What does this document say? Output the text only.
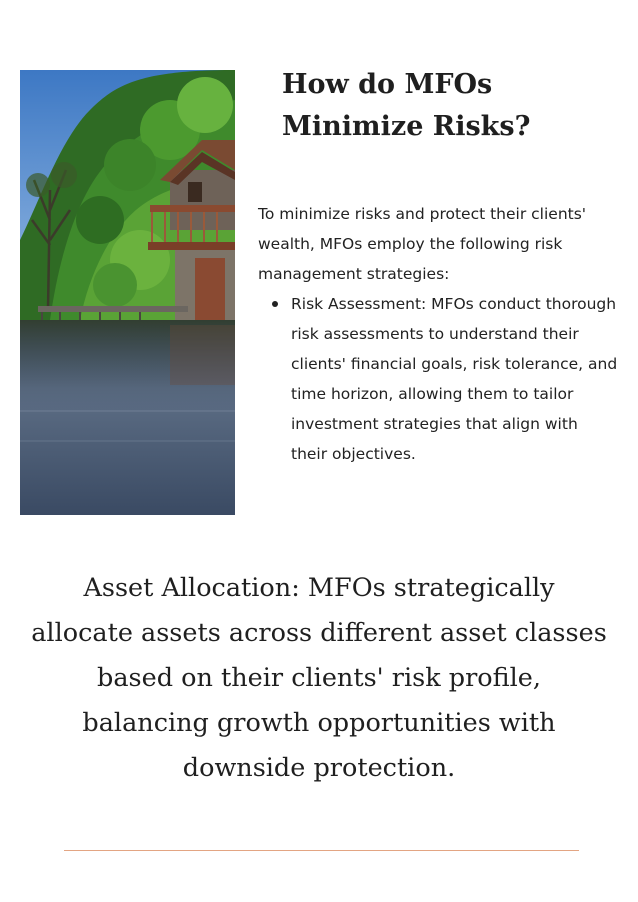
How do MFOs Minimize Risks?

To minimize risks and protect their clients' wealth, MFOs employ the following risk management strategies:

Risk Assessment: MFOs conduct thorough risk assessments to understand their clients' financial goals, risk tolerance, and time horizon, allowing them to tailor investment strategies that align with their objectives.

Asset Allocation: MFOs strategically allocate assets across different asset classes based on their clients' risk profile, balancing growth opportunities with downside protection.
